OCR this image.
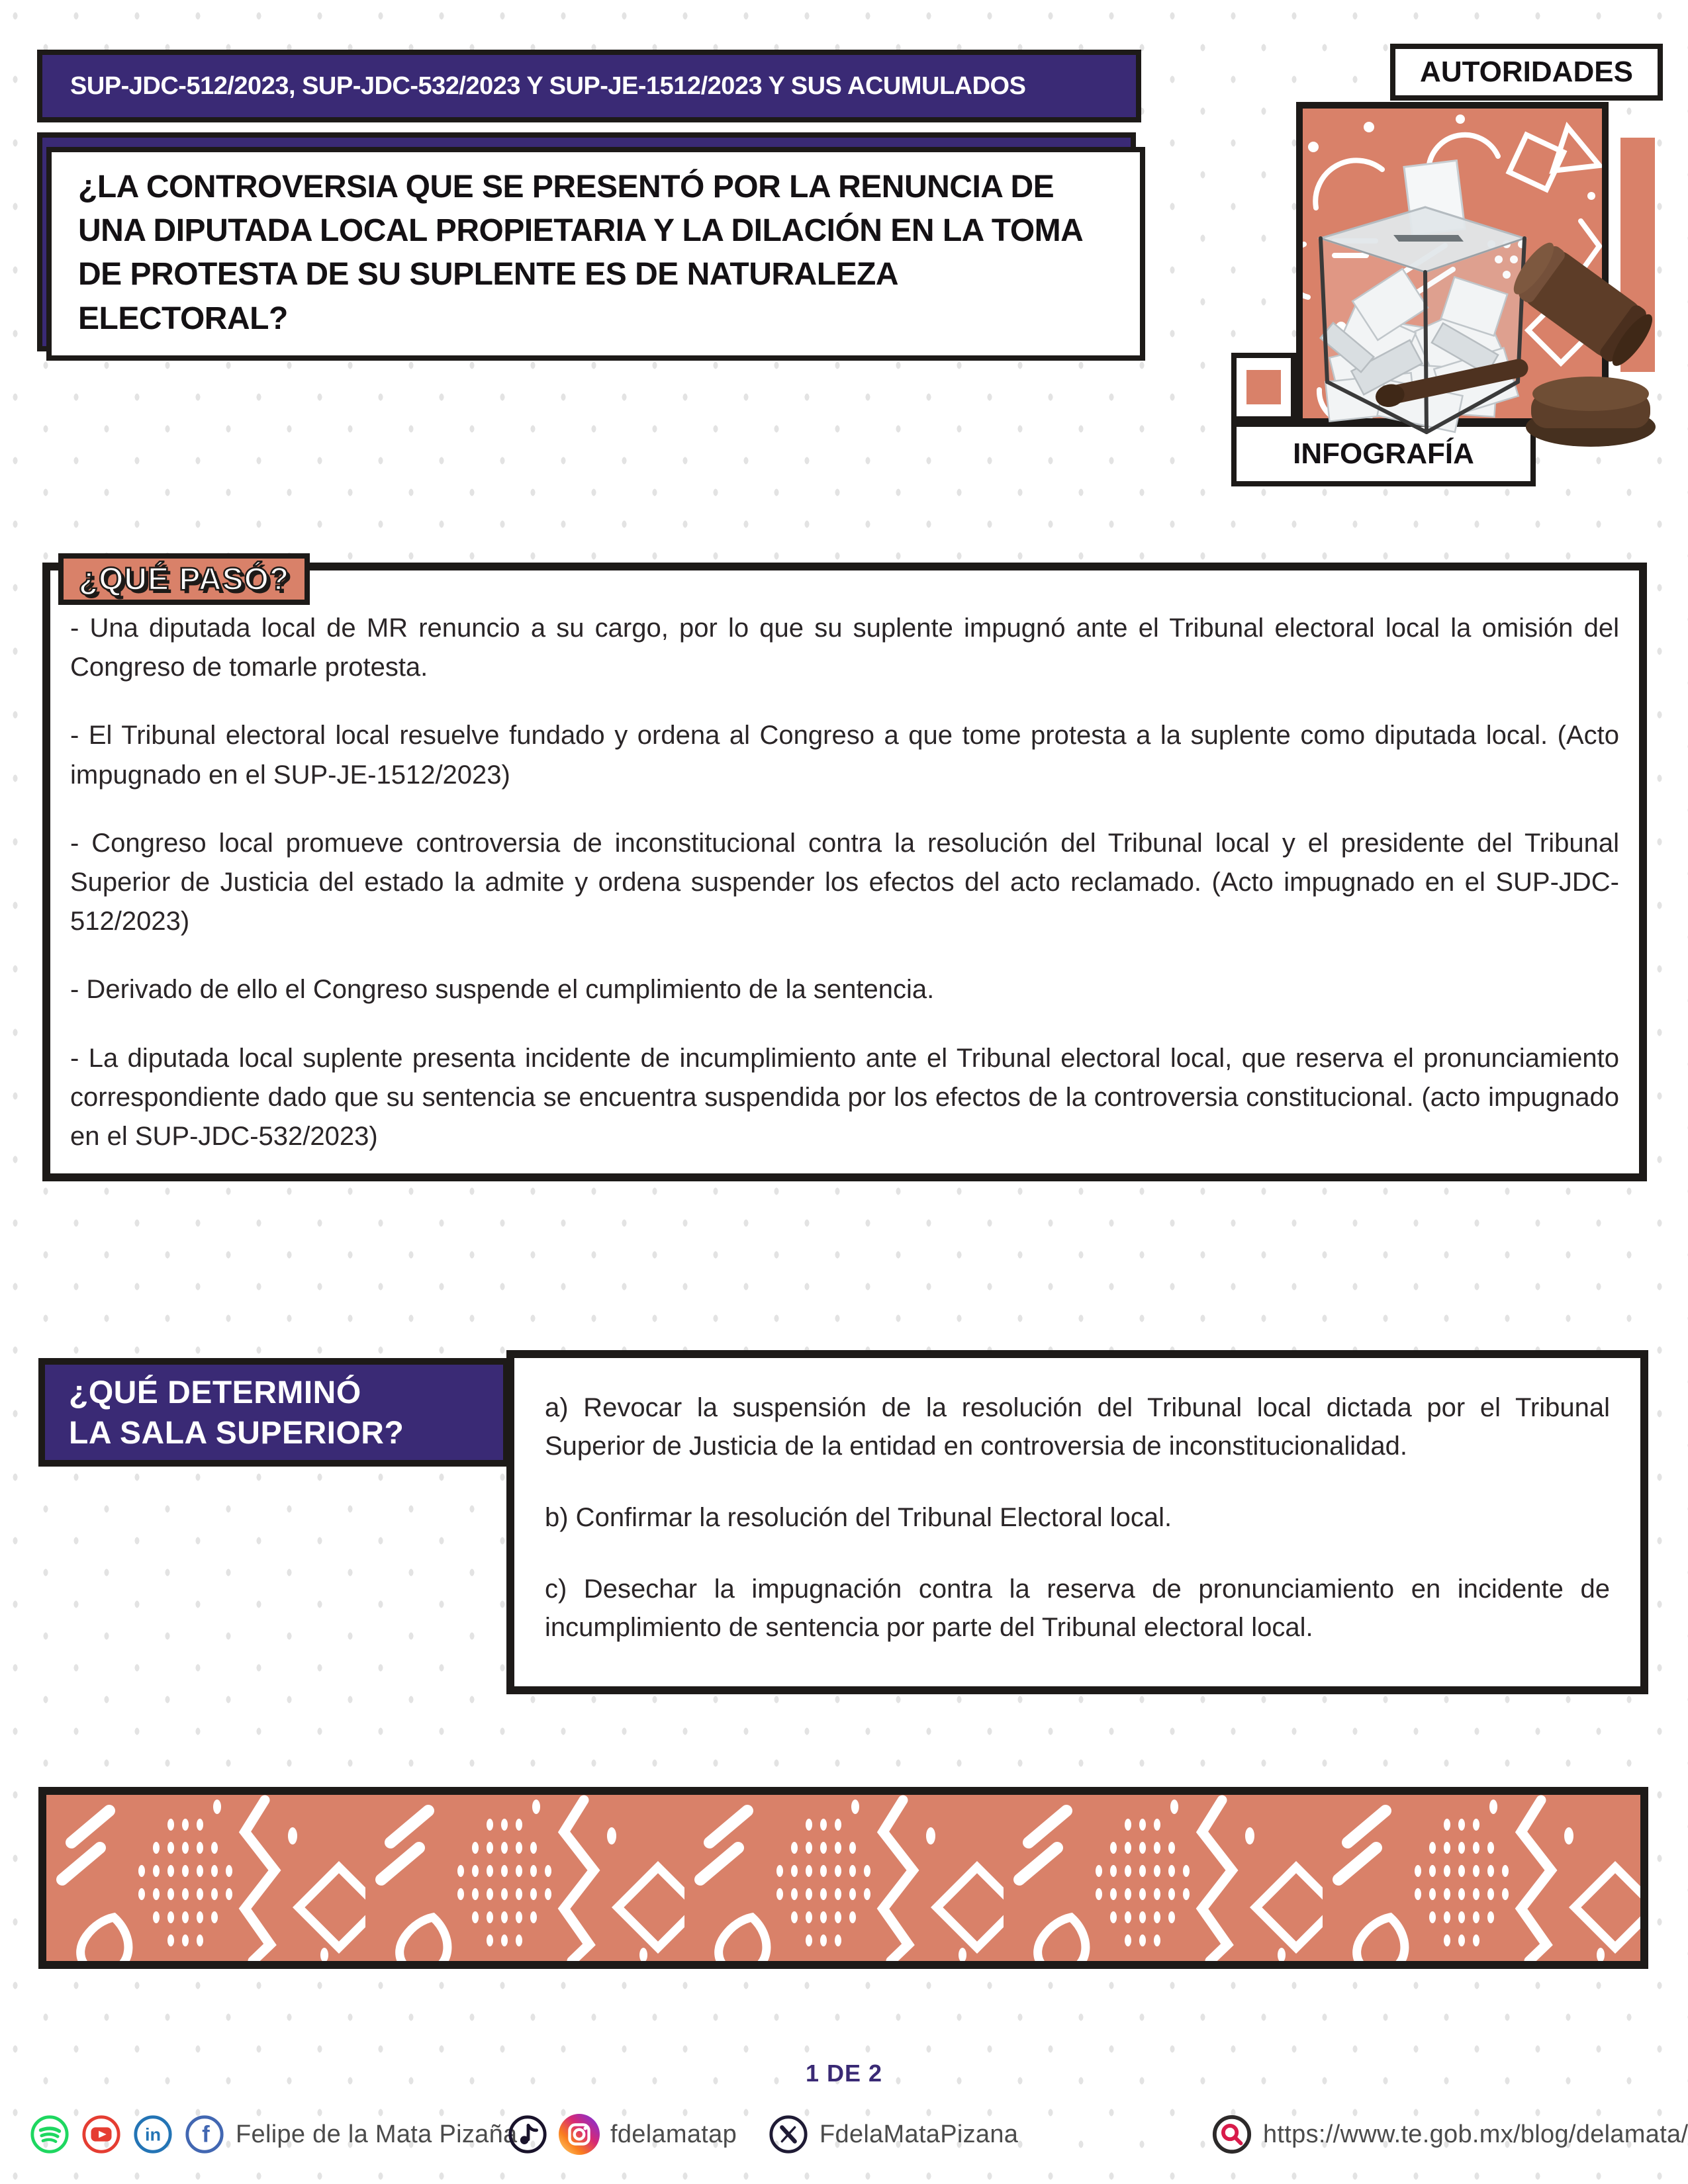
SUP-JDC-512/2023, SUP-JDC-532/2023 Y SUP-JE-1512/2023 Y SUS ACUMULADOS
¿LA CONTROVERSIA QUE SE PRESENTÓ POR LA RENUNCIA DE UNA DIPUTADA LOCAL PROPIETARIA Y LA DILACIÓN EN LA TOMA DE PROTESTA DE SU SUPLENTE ES DE NATURALEZA ELECTORAL?
INFOGRAFÍA
AUTORIDADES

- Una diputada local de MR renuncio a su cargo, por lo que su suplente impugnó ante el Tribunal electoral local la omisión del Congreso de tomarle protesta.

- El Tribunal electoral local resuelve fundado y ordena al Congreso a que tome protesta a la suplente como diputada local. (Acto impugnado en el SUP-JE-1512/2023)

- Congreso local promueve controversia de inconstitucional contra la resolución del Tribunal local y el presidente del Tribunal Superior de Justicia del estado la admite y ordena suspender los efectos del acto reclamado. (Acto impugnado en el SUP-JDC-512/2023)

- Derivado de ello el Congreso suspende el cumplimiento de la sentencia.

- La diputada local suplente presenta incidente de incumplimiento ante el Tribunal electoral local, que reserva el pronunciamiento correspondiente dado que su sentencia se encuentra suspendida por los efectos de la controversia constitucional. (acto impugnado en el SUP-JDC-532/2023)

¿QUÉ PASÓ?

a) Revocar la suspensión de la resolución del Tribunal local dictada por el Tribunal Superior de Justicia de la entidad en controversia de inconstitucionalidad.

b) Confirmar la resolución del Tribunal Electoral local.

c) Desechar la impugnación contra la reserva de pronunciamiento en incidente de incumplimiento de sentencia por parte del Tribunal electoral local.

¿QUÉ DETERMINÓ
LA SALA SUPERIOR?
1 DE 2
in f Felipe de la Mata Pizaña	fdelamatap	FdelaMataPizana	https://www.te.gob.mx/blog/delamata/
